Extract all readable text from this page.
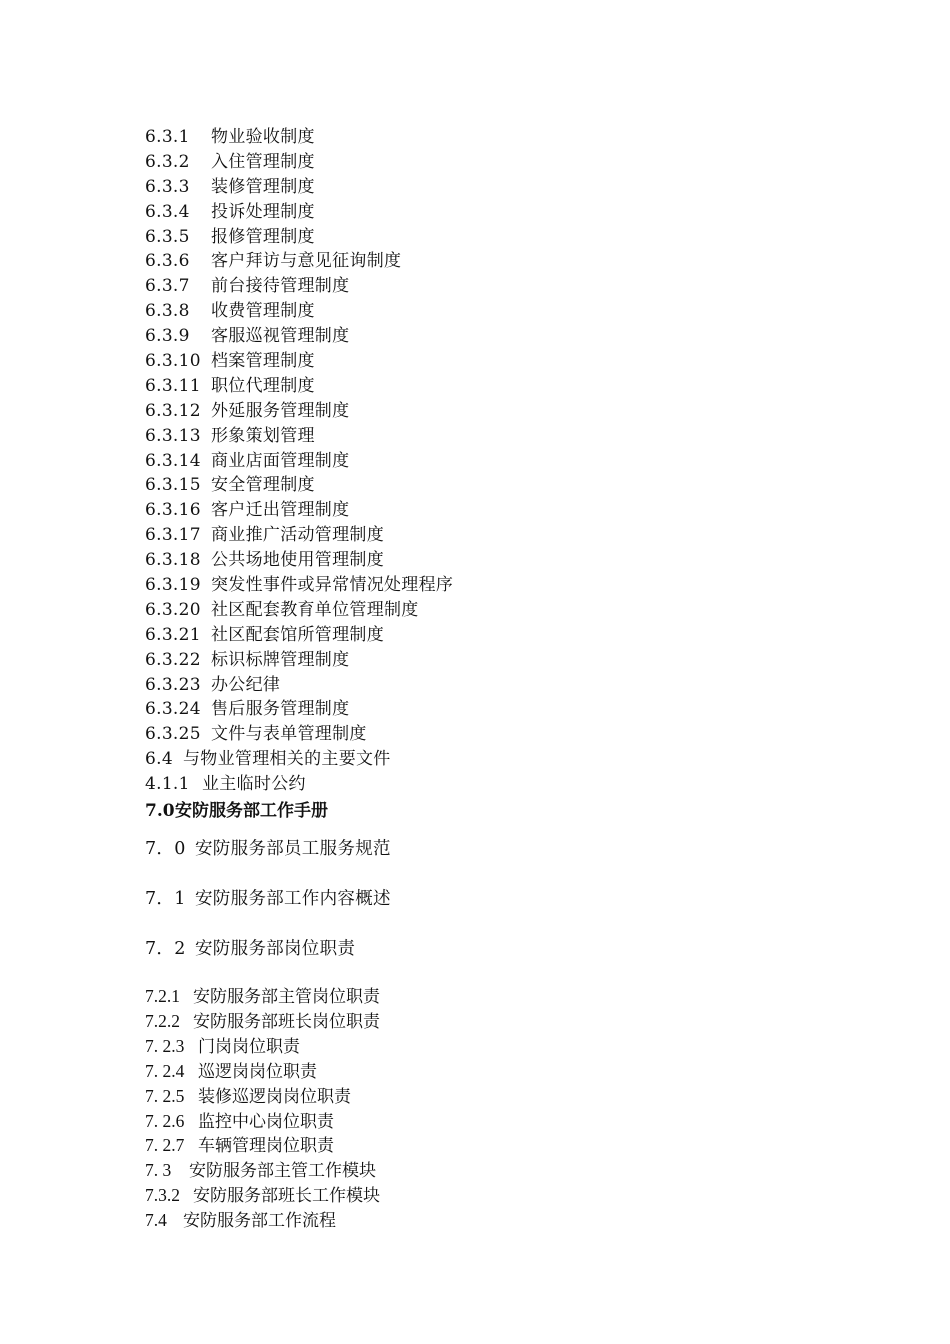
6.3.1 物业验收制度
6.3.2 入住管理制度
6.3.3 装修管理制度
6.3.4 投诉处理制度
6.3.5 报修管理制度
6.3.6 客户拜访与意见征询制度
6.3.7 前台接待管理制度
6.3.8 收费管理制度
6.3.9 客服巡视管理制度
6.3.10 档案管理制度
6.3.11 职位代理制度
6.3.12 外延服务管理制度
6.3.13 形象策划管理
6.3.14 商业店面管理制度
6.3.15 安全管理制度
6.3.16 客户迁出管理制度
6.3.17 商业推广活动管理制度
6.3.18 公共场地使用管理制度
6.3.19 突发性事件或异常情况处理程序
6.3.20 社区配套教育单位管理制度
6.3.21 社区配套馆所管理制度
6.3.22 标识标牌管理制度
6.3.23 办公纪律
6.3.24 售后服务管理制度
6.3.25 文件与表单管理制度
6.4 与物业管理相关的主要文件
4.1.1 业主临时公约
7.0安防服务部工作手册
7．0 安防服务部员工服务规范
7．1 安防服务部工作内容概述
7．2 安防服务部岗位职责
7.2.1 安防服务部主管岗位职责
7.2.2 安防服务部班长岗位职责
7. 2.3 门岗岗位职责
7. 2.4 巡逻岗岗位职责
7. 2.5 装修巡逻岗岗位职责
7. 2.6 监控中心岗位职责
7. 2.7 车辆管理岗位职责
7. 3 安防服务部主管工作模块
7.3.2 安防服务部班长工作模块
7.4 安防服务部工作流程
